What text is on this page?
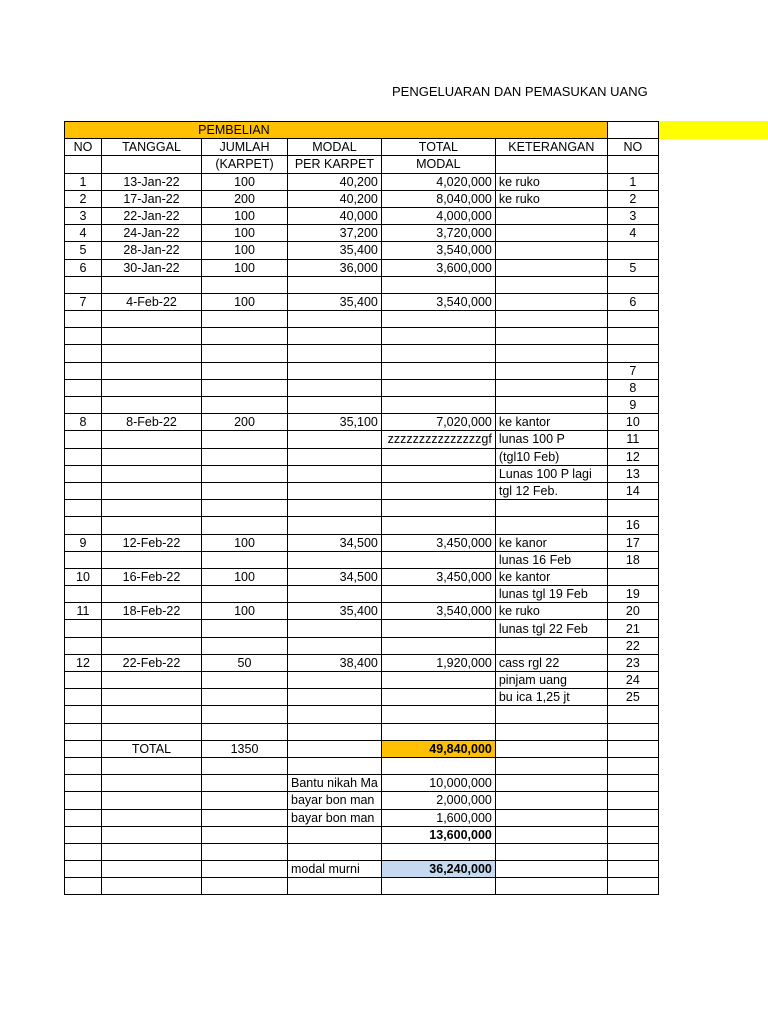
PENGELUARAN DAN PEMASUKAN UANG
PEMBELIAN						
NO	TANGGAL	JUMLAH	MODAL	TOTAL	KETERANGAN	NO
		(KARPET)	PER KARPET	MODAL		
1	13-Jan-22	100	40,200	4,020,000	ke ruko	1
2	17-Jan-22	200	40,200	8,040,000	ke ruko	2
3	22-Jan-22	100	40,000	4,000,000		3
4	24-Jan-22	100	37,200	3,720,000		4
5	28-Jan-22	100	35,400	3,540,000		
6	30-Jan-22	100	36,000	3,600,000		5

7	4-Feb-22	100	35,400	3,540,000		6

						7
						8
						9
8	8-Feb-22	200	35,100	7,020,000	ke kantor	10
				zzzzzzzzzzzzzzzgf	lunas 100 P	11
					(tgl10 Feb)	12
					Lunas 100 P lagi	13
					tgl 12 Feb.	14

						16
9	12-Feb-22	100	34,500	3,450,000	ke kanor	17
					lunas 16 Feb	18
10	16-Feb-22	100	34,500	3,450,000	ke kantor	
					lunas tgl 19 Feb	19
11	18-Feb-22	100	35,400	3,540,000	ke ruko	20
					lunas tgl 22 Feb	21
						22
12	22-Feb-22	50	38,400	1,920,000	cass rgl 22	23
					pinjam uang	24
					bu ica 1,25 jt	25

	TOTAL	1350		49,840,000		

			Bantu nikah Ma	10,000,000		
			bayar bon man	2,000,000		
			bayar bon man	1,600,000		
				13,600,000		

			modal murni	36,240,000		
